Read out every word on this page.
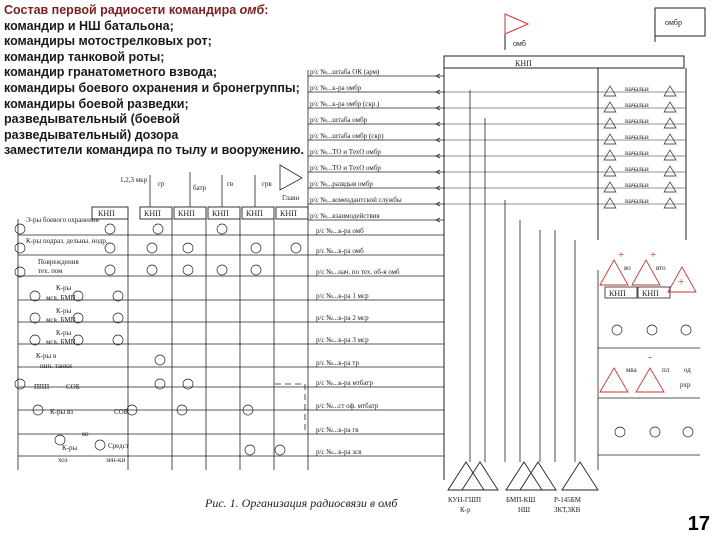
Состав первой радиосети командира омб:
командир и НШ батальона;
командиры мотострелковых рот;
командир танковой роты;
командир гранатометного взвода;
командиры боевого охранения и бронегруппы;
командиры боевой разведки;
разведывательный (боевой разведывательный) дозора
заместители командира по тылу и вооружению.
омб
омбр
КНП
р/с №...штаба ОК (арм)
р/с №...к-ра омбр
р/с №...к-ра омбр (скр.)
р/с №...штаба омбр
р/с №...штаба омбр (скр)
р/с №...ТО и ТехО омбр
р/с №...ТО и ТехО омбр
р/с №...развдыв омбр
р/с №...комендантской службы
р/с №...взаимодействия
начальн
начальн
начальн
начальн
начальн
начальн
начальн
начальн
1,2,3 мкр гр	батр	гв	грв
Главн
КНП	КНП КНП КНП КНП КНП
р/с №...к-ра омб
р/с №...к-ра омб
р/с №...нач. по тех. об-я омб
р/с №...к-ра 1 мср
р/с №...к-ра 2 мср
р/с №...к-ра 3 мср
р/с №...к-ра тр
р/с №...к-ра мтбатр
р/с №...ст оф. мтбатр
р/с №...к-ра гв
р/с №...к-ра зсв
Э-ры боевого охранения
К-ры подраз. дельны. нодр.
Повреждения
тех. пом
К-ры
мсв. БМП
К-ры
мсв. БМП
К-ры
мсв. БМП
К-ры в
пип. танки
ППП СОБ
К-ры вз	СОБ
ко
К-ры	Средст
хоз	зен-ки
+ +
+
-
во	вто
КНП КНП
мва	пл од
рхр
КУН-ГШП
К-р
БМП-КШ
НШ
Р-145БМ
ЗКТ,ЗКВ
Рис. 1. Организация радиосвязи в омб
17
